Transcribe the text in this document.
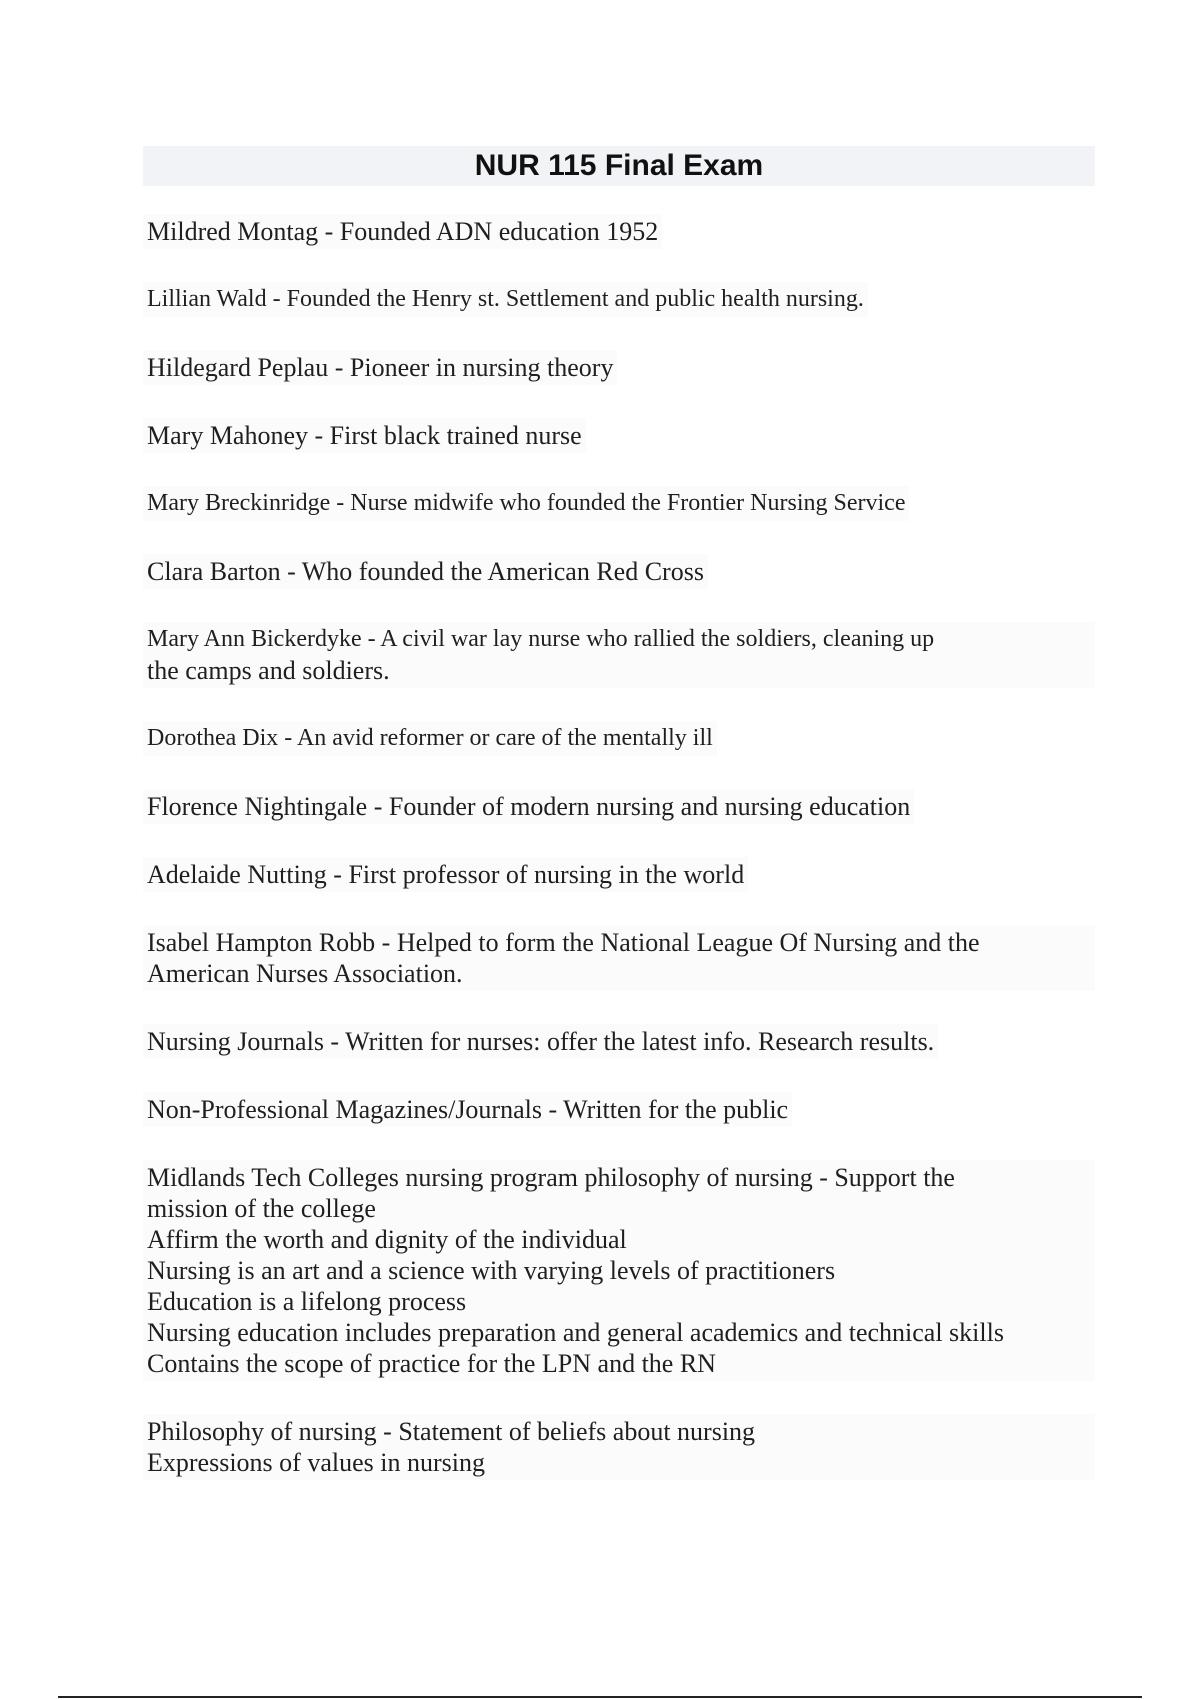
NUR 115 Final Exam

Mildred Montag - Founded ADN education 1952

Lillian Wald - Founded the Henry st. Settlement and public health nursing.

Hildegard Peplau - Pioneer in nursing theory

Mary Mahoney - First black trained nurse

Mary Breckinridge - Nurse midwife who founded the Frontier Nursing Service

Clara Barton - Who founded the American Red Cross

Mary Ann Bickerdyke - A civil war lay nurse who rallied the soldiers, cleaning up
the camps and soldiers.

Dorothea Dix - An avid reformer or care of the mentally ill

Florence Nightingale - Founder of modern nursing and nursing education

Adelaide Nutting - First professor of nursing in the world

Isabel Hampton Robb - Helped to form the National League Of Nursing and the
American Nurses Association.

Nursing Journals - Written for nurses: offer the latest info. Research results.

Non-Professional Magazines/Journals - Written for the public

Midlands Tech Colleges nursing program philosophy of nursing - Support the
mission of the college
Affirm the worth and dignity of the individual
Nursing is an art and a science with varying levels of practitioners
Education is a lifelong process
Nursing education includes preparation and general academics and technical skills
Contains the scope of practice for the LPN and the RN

Philosophy of nursing - Statement of beliefs about nursing
Expressions of values in nursing
